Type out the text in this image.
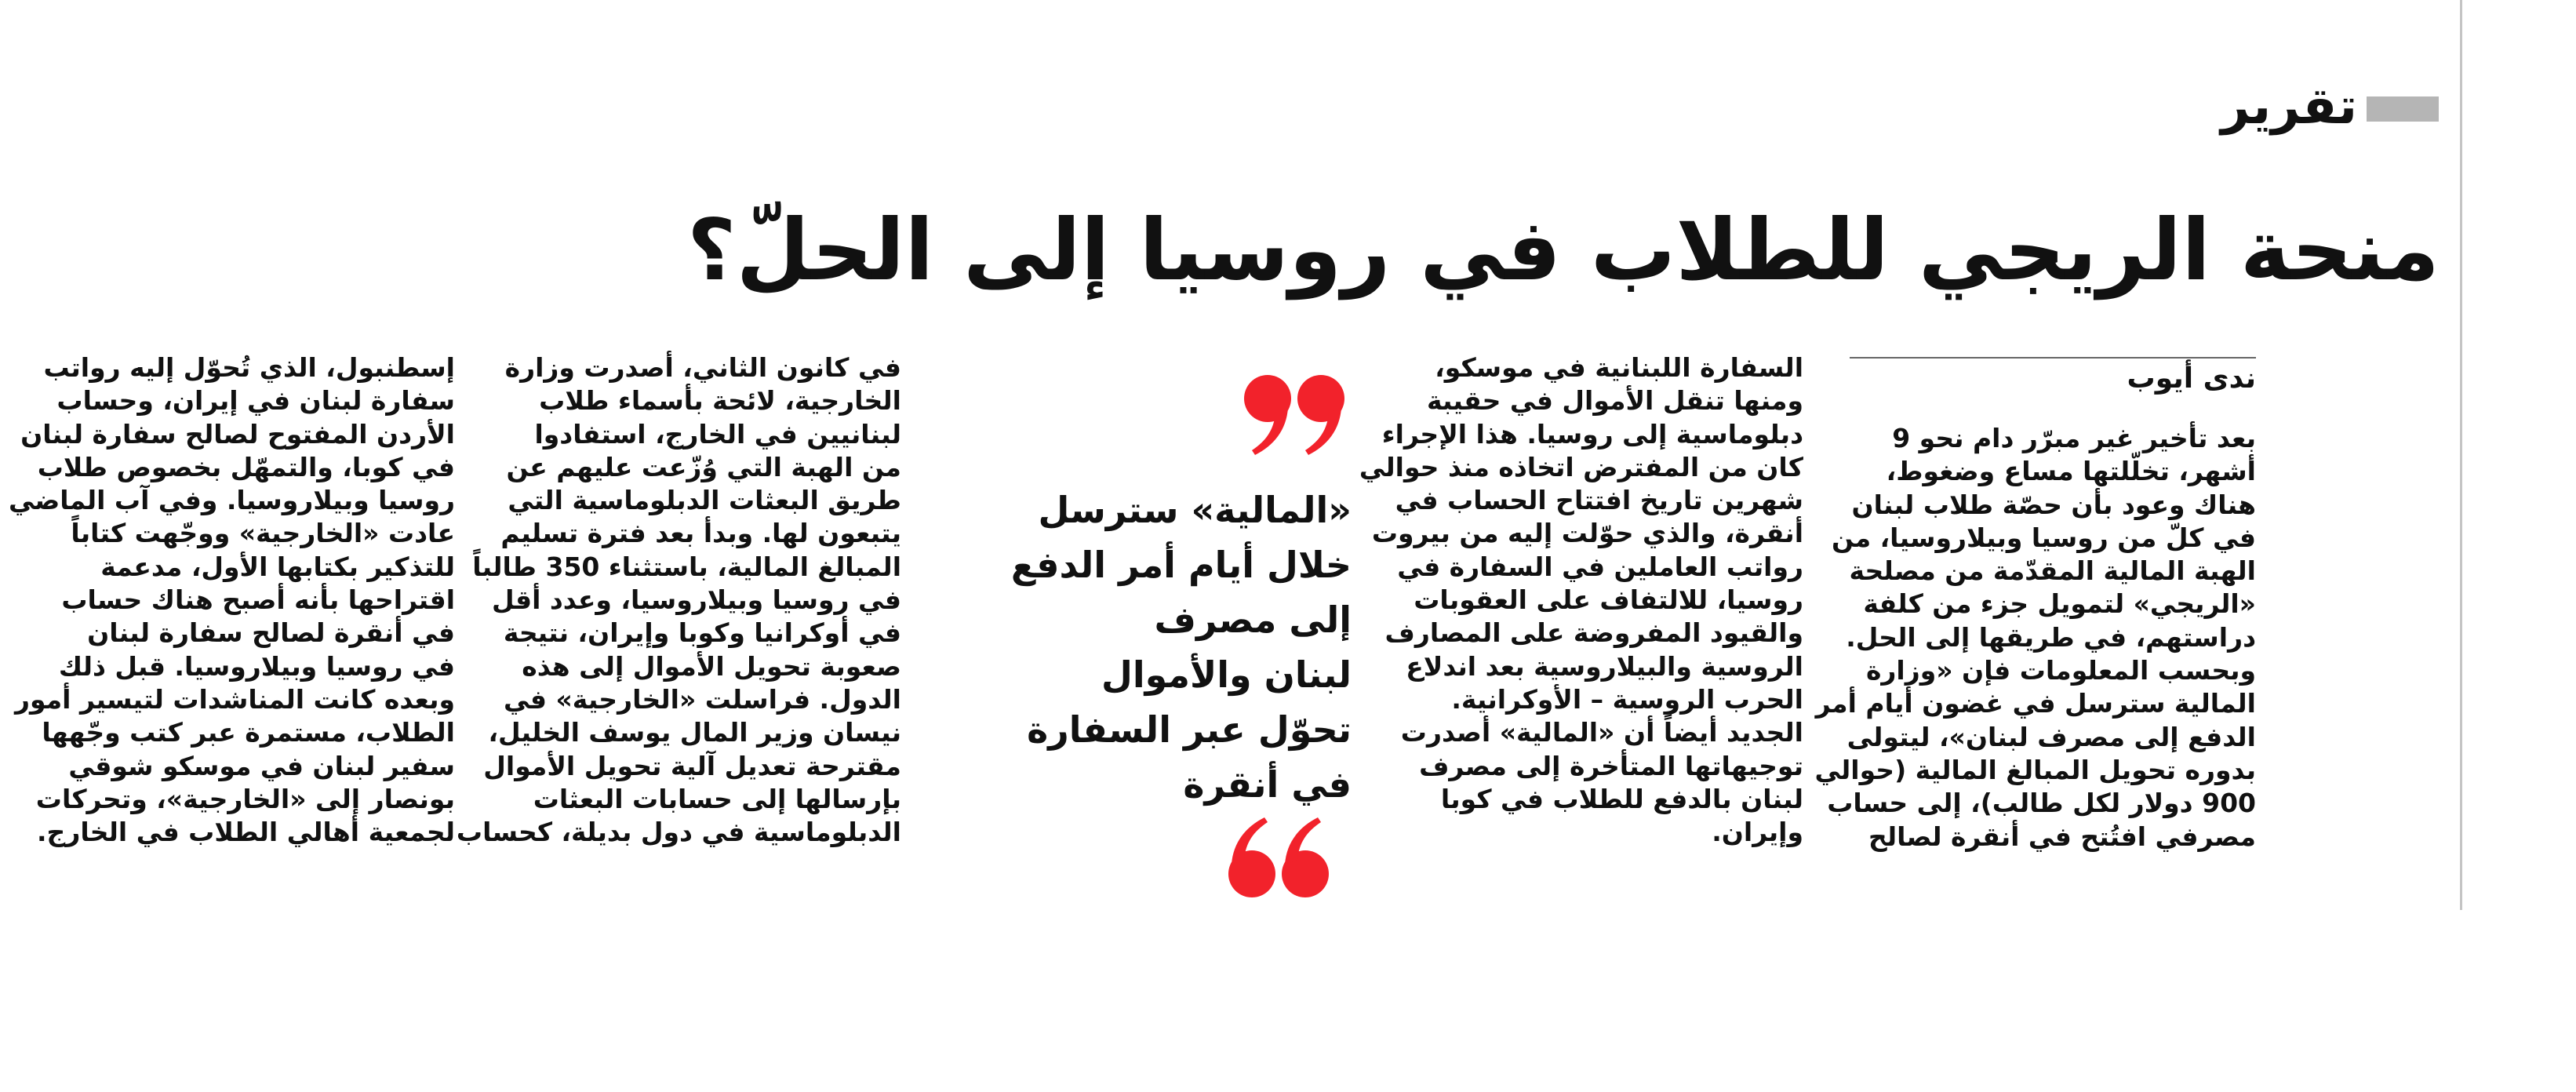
تقرير
منحة الريجي للطلاب في روسيا إلى الحلّ؟
ندى أيوب
بعد تأخير غير مبرّر دام نحو 9
أشهر، تخلّلتها مساع وضغوط،
هناك وعود بأن حصّة طلاب لبنان
في كلّ من روسيا وبيلاروسيا، من
الهبة المالية المقدّمة من مصلحة
«الريجي» لتمويل جزء من كلفة
دراستهم، في طريقها إلى الحل.
وبحسب المعلومات فإن «وزارة
المالية سترسل في غضون أيام أمر
الدفع إلى مصرف لبنان»، ليتولى
بدوره تحويل المبالغ المالية (حوالي
900 دولار لكل طالب)، إلى حساب
مصرفي افتُتح في أنقرة لصالح
السفارة اللبنانية في موسكو،
ومنها تنقل الأموال في حقيبة
دبلوماسية إلى روسيا. هذا الإجراء
كان من المفترض اتخاذه منذ حوالي
شهرين تاريخ افتتاح الحساب في
أنقرة، والذي حوّلت إليه من بيروت
رواتب العاملين في السفارة في
روسيا، للالتفاف على العقوبات
والقيود المفروضة على المصارف
الروسية والبيلاروسية بعد اندلاع
الحرب الروسية – الأوكرانية.
الجديد أيضاً أن «المالية» أصدرت
توجيهاتها المتأخرة إلى مصرف
لبنان بالدفع للطلاب في كوبا
وإيران.
«المالية» سترسل
خلال أيام أمر الدفع
إلى مصرف
لبنان والأموال
تحوّل عبر السفارة
في أنقرة
في كانون الثاني، أصدرت وزارة
الخارجية، لائحة بأسماء طلاب
لبنانيين في الخارج، استفادوا
من الهبة التي وُزّعت عليهم عن
طريق البعثات الدبلوماسية التي
يتبعون لها. وبدأ بعد فترة تسليم
المبالغ المالية، باستثناء 350 طالباً
في روسيا وبيلاروسيا، وعدد أقل
في أوكرانيا وكوبا وإيران، نتيجة
صعوبة تحويل الأموال إلى هذه
الدول. فراسلت «الخارجية» في
نيسان وزير المال يوسف الخليل،
مقترحة تعديل آلية تحويل الأموال
بإرسالها إلى حسابات البعثات
الدبلوماسية في دول بديلة، كحساب
إسطنبول، الذي تُحوّل إليه رواتب
سفارة لبنان في إيران، وحساب
الأردن المفتوح لصالح سفارة لبنان
في كوبا، والتمهّل بخصوص طلاب
روسيا وبيلاروسيا. وفي آب الماضي
عادت «الخارجية» ووجّهت كتاباً
للتذكير بكتابها الأول، مدعمة
اقتراحها بأنه أصبح هناك حساب
في أنقرة لصالح سفارة لبنان
في روسيا وبيلاروسيا. قبل ذلك
وبعده كانت المناشدات لتيسير أمور
الطلاب، مستمرة عبر كتب وجّهها
سفير لبنان في موسكو شوقي
بونصار إلى «الخارجية»، وتحركات
لجمعية أهالي الطلاب في الخارج.
